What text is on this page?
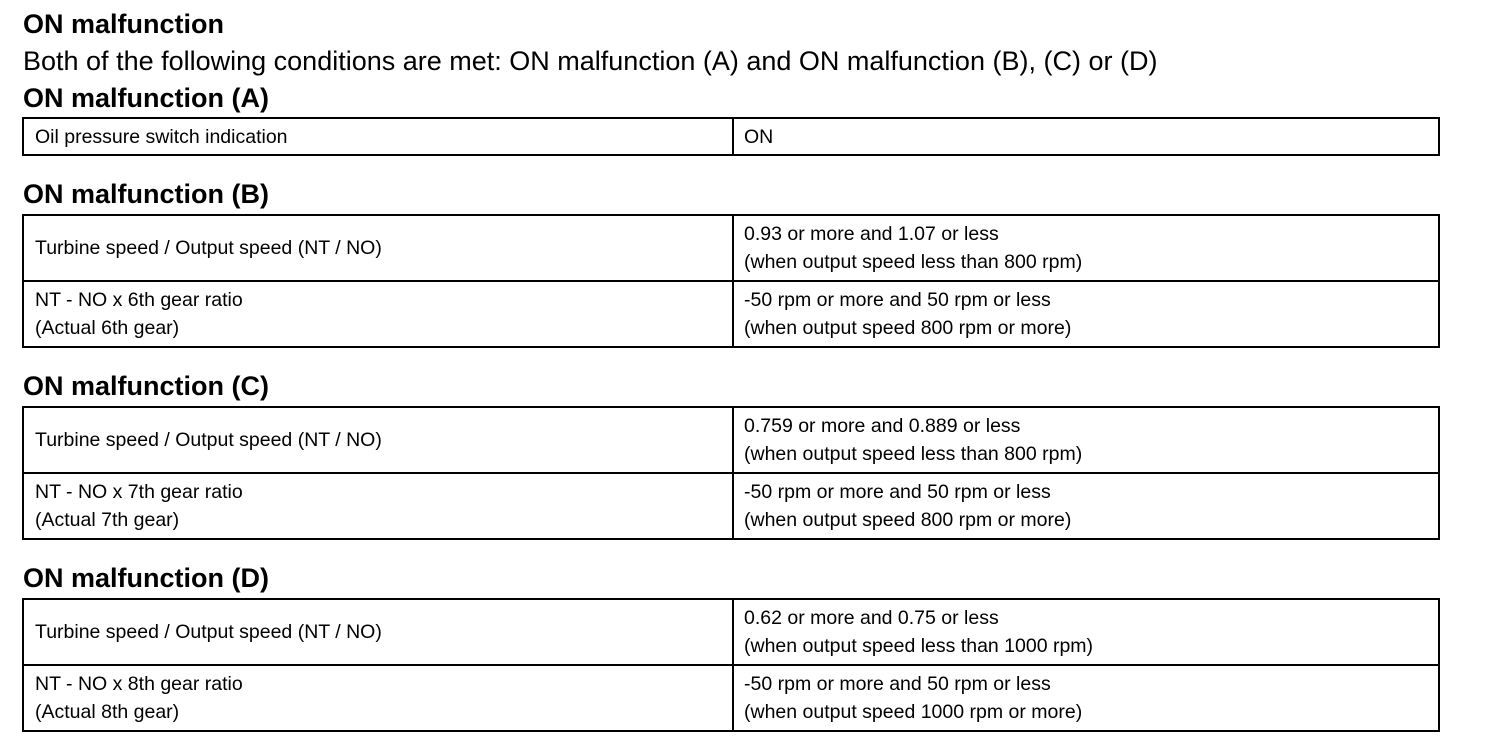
ON malfunction

Both of the following conditions are met: ON malfunction (A) and ON malfunction (B), (C) or (D)

ON malfunction (A)
Oil pressure switch indication	ON
ON malfunction (B)
Turbine speed / Output speed (NT / NO)	0.93 or more and 1.07 or less
(when output speed less than 800 rpm)

NT - NO x 6th gear ratio
(Actual 6th gear)	-50 rpm or more and 50 rpm or less
(when output speed 800 rpm or more)
ON malfunction (C)
Turbine speed / Output speed (NT / NO)	0.759 or more and 0.889 or less
(when output speed less than 800 rpm)

NT - NO x 7th gear ratio
(Actual 7th gear)	-50 rpm or more and 50 rpm or less
(when output speed 800 rpm or more)
ON malfunction (D)
Turbine speed / Output speed (NT / NO)	0.62 or more and 0.75 or less
(when output speed less than 1000 rpm)

NT - NO x 8th gear ratio
(Actual 8th gear)	-50 rpm or more and 50 rpm or less
(when output speed 1000 rpm or more)
